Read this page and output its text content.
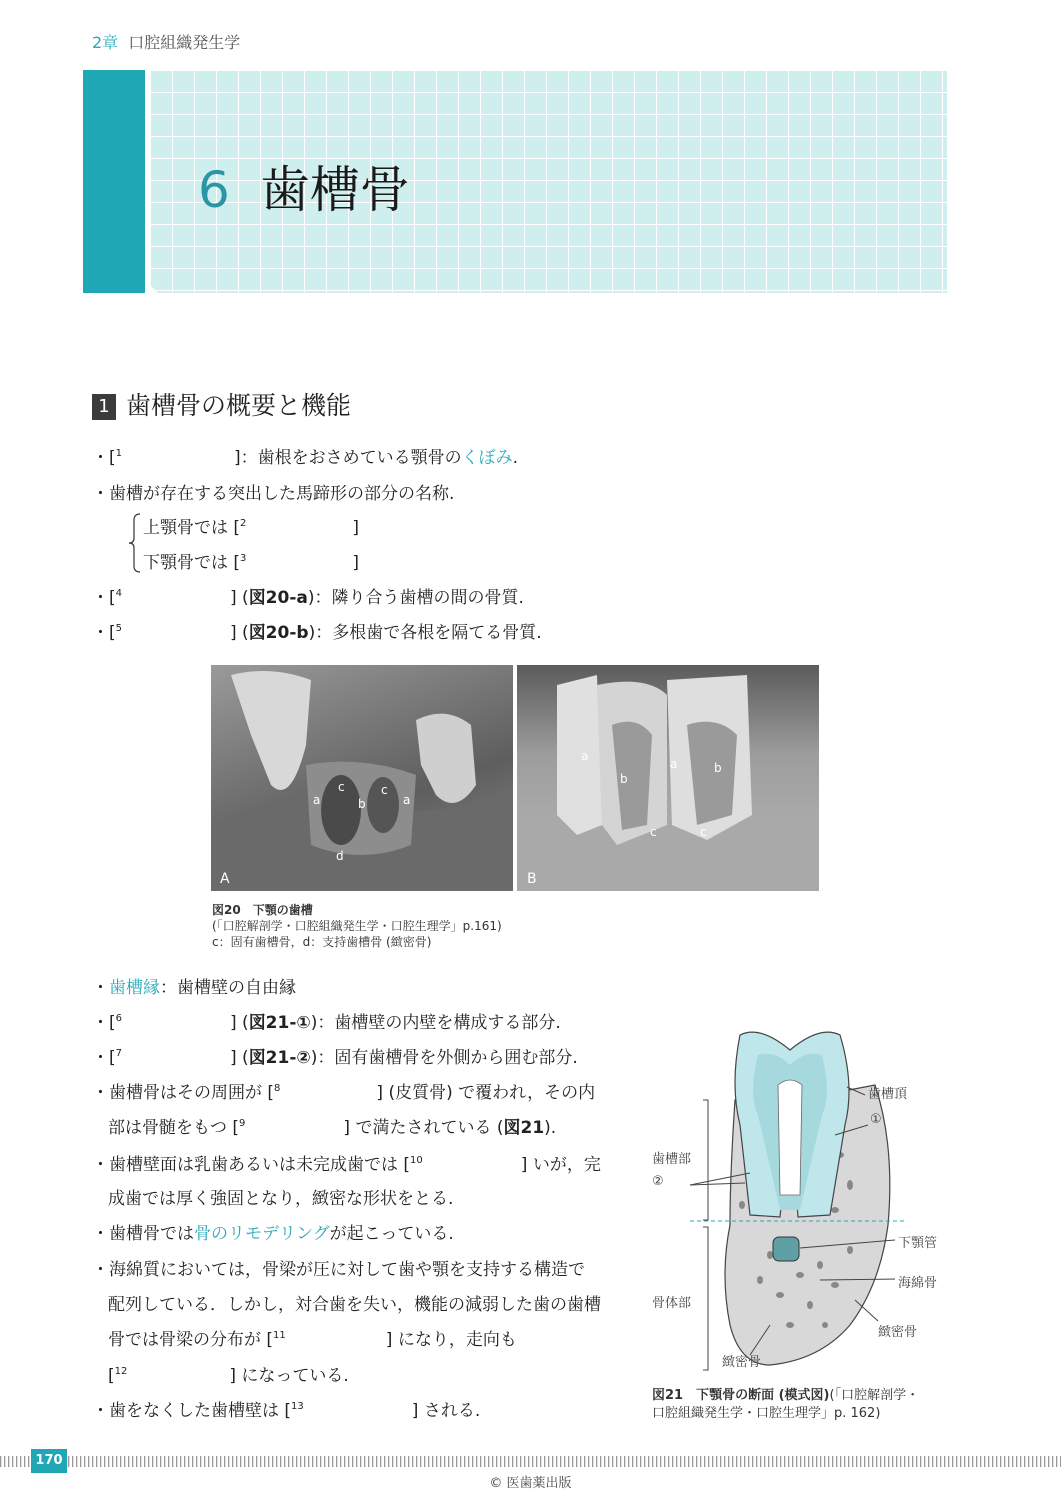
2章 口腔組織発生学
6 歯槽骨
1 歯槽骨の概要と機能
・[$^1$	]：歯根をおさめている顎骨のくぼみ.
・歯槽が存在する突出した馬蹄形の部分の名称.
上顎骨では [$^2$	]
下顎骨では [$^3$	]
・[$^4$	] (図20-a)：隣り合う歯槽の間の骨質.
・[$^5$	] (図20-b)：多根歯で各根を隔てる骨質.
a
c	c
b	a
d
A
a
b
a	b
c	c
B
図20　下顎の歯槽
(「口腔解剖学・口腔組織発生学・口腔生理学」p.161)
c：固有歯槽骨，d：支持歯槽骨 (緻密骨)
・歯槽縁：歯槽壁の自由縁
・[$^6$	] (図21-①)：歯槽壁の内壁を構成する部分.
・[$^7$	] (図21-②)：固有歯槽骨を外側から囲む部分.
・歯槽骨はその周囲が [$^8$	] (皮質骨) で覆われ，その内
部は骨髄をもつ [$^9$	] で満たされている (図21).
・歯槽壁面は乳歯あるいは未完成歯では [$^{10}$	] いが，完
成歯では厚く強固となり，緻密な形状をとる.
・歯槽骨では骨のリモデリングが起こっている.
・海綿質においては，骨梁が圧に対して歯や顎を支持する構造で
配列している．しかし，対合歯を失い，機能の減弱した歯の歯槽
骨では骨梁の分布が [$^{11}$	] になり，走向も
[$^{12}$	] になっている.
・歯をなくした歯槽壁は [$^{13}$	] される.
歯槽頂
①
歯槽部
②
下顎管
海綿骨
骨体部
緻密骨
緻密骨
図21　下顎骨の断面 (模式図)(「口腔解剖学・
口腔組織発生学・口腔生理学」p. 162)
170
© 医歯薬出版
